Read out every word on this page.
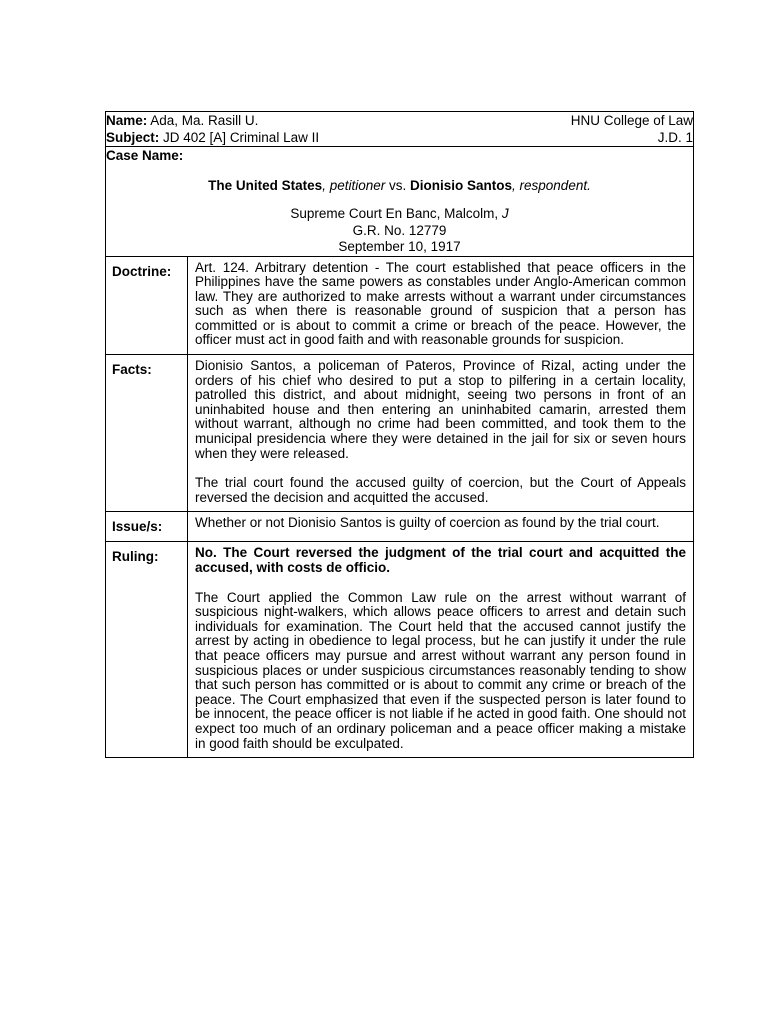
Name: Ada, Ma. Rasill U. HNU College of Law
Subject: JD 402 [A] Criminal Law II J.D. 1	

Case Name:
The United States, petitioner vs. Dionisio Santos, respondent.
Supreme Court En Banc, Malcolm, J
G.R. No. 12779
September 10, 1917	

Doctrine:	Art. 124. Arbitrary detention - The court established that peace officers in the Philippines have the same powers as constables under Anglo-American common law. They are authorized to make arrests without a warrant under circumstances such as when there is reasonable ground of suspicion that a person has committed or is about to commit a crime or breach of the peace. However, the officer must act in good faith and with reasonable grounds for suspicion.

Facts:	Dionisio Santos, a policeman of Pateros, Province of Rizal, acting under the orders of his chief who desired to put a stop to pilfering in a certain locality, patrolled this district, and about midnight, seeing two persons in front of an uninhabited house and then entering an uninhabited camarin, arrested them without warrant, although no crime had been committed, and took them to the municipal presidencia where they were detained in the jail for six or seven hours when they were released.

The trial court found the accused guilty of coercion, but the Court of Appeals reversed the decision and acquitted the accused.

Issue/s:	Whether or not Dionisio Santos is guilty of coercion as found by the trial court.

Ruling:	No. The Court reversed the judgment of the trial court and acquitted the accused, with costs de officio.

The Court applied the Common Law rule on the arrest without warrant of suspicious night-walkers, which allows peace officers to arrest and detain such individuals for examination. The Court held that the accused cannot justify the arrest by acting in obedience to legal process, but he can justify it under the rule that peace officers may pursue and arrest without warrant any person found in suspicious places or under suspicious circumstances reasonably tending to show that such person has committed or is about to commit any crime or breach of the peace. The Court emphasized that even if the suspected person is later found to be innocent, the peace officer is not liable if he acted in good faith. One should not expect too much of an ordinary policeman and a peace officer making a mistake in good faith should be exculpated.
